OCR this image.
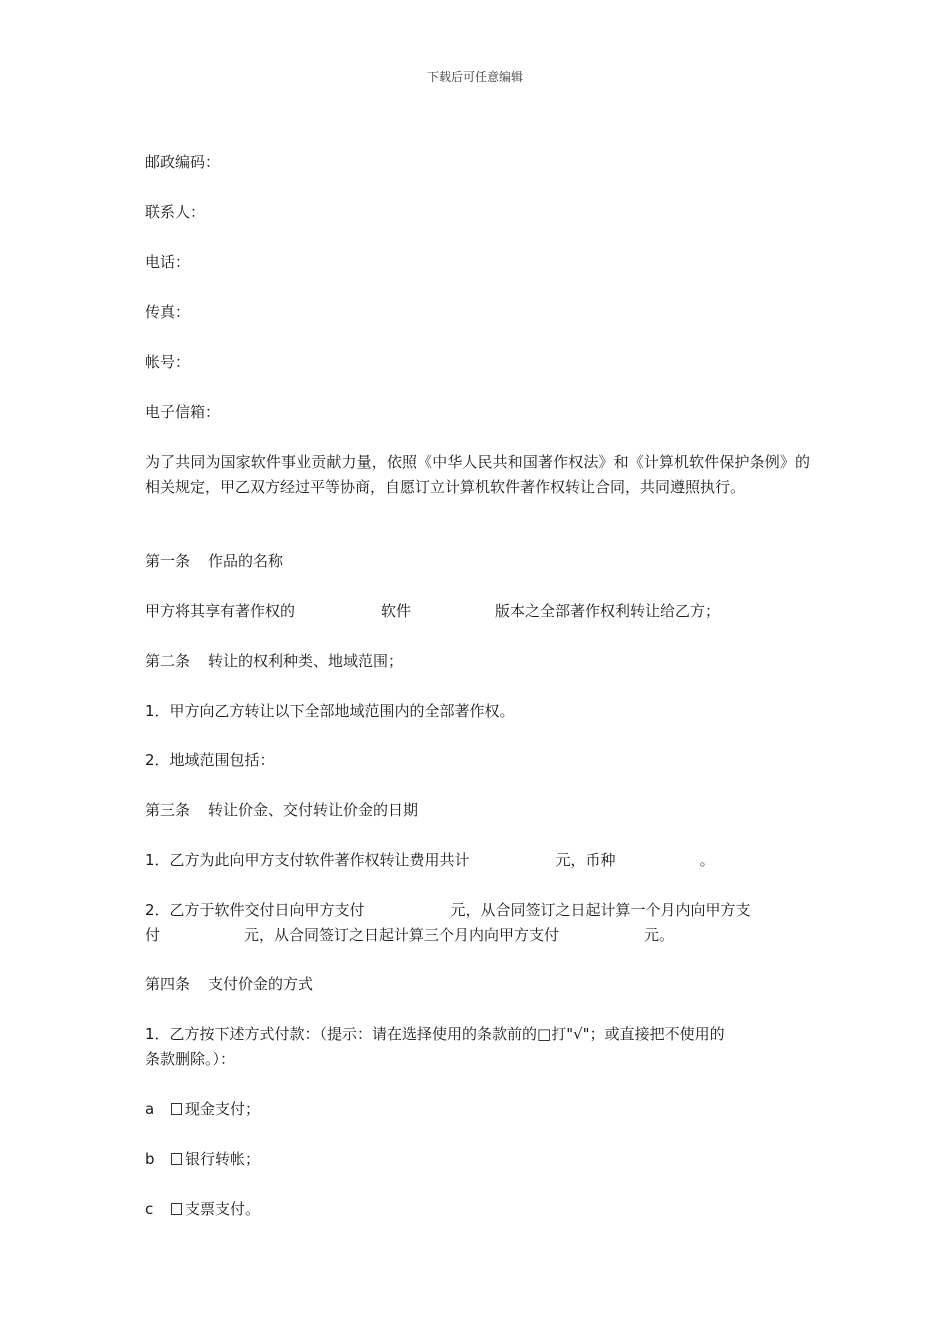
下载后可任意编辑
邮政编码：
联系人：
电话：
传真：
帐号：
电子信箱：
为了共同为国家软件事业贡献力量，依照《中华人民共和国著作权法》和《计算机软件保护条例》的相关规定，甲乙双方经过平等协商，自愿订立计算机软件著作权转让合同，共同遵照执行。
第一条 作品的名称
甲方将其享有著作权的	软件	版本之全部著作权利转让给乙方；
第二条 转让的权利种类、地域范围；
1．甲方向乙方转让以下全部地域范围内的全部著作权。
2．地域范围包括：
第三条 转让价金、交付转让价金的日期
1．乙方为此向甲方支付软件著作权转让费用共计	元，币种	。
2．乙方于软件交付日向甲方支付	元，从合同签订之日起计算一个月内向甲方支
付	元，从合同签订之日起计算三个月内向甲方支付	元。
第四条 支付价金的方式
1．乙方按下述方式付款：（提示：请在选择使用的条款前的□打"√"；或直接把不使用的
条款删除。）：
a 现金支付；
b 银行转帐；
c 支票支付。
